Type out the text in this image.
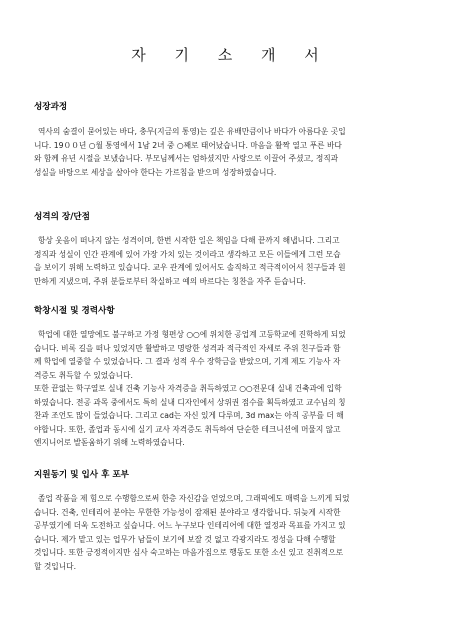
자 기 소 개 서
성장과정
역사의 숨결이 묻어있는 바다, 충무(지금의 통영)는 깊은 유배만큼이나 바다가 아름다운 곳입
니다. 19００년 ○월 통영에서 1남 2녀 중 ○째로 태어났습니다. 마음을 활짝 열고 푸른 바다
와 함께 유년 시절을 보냈습니다. 부모님께서는 엄하셨지만 사랑으로 이끌어 주셨고, 정직과
성실을 바탕으로 세상을 살아야 한다는 가르침을 받으며 성장하였습니다.
성격의 장/단점
항상 웃음이 떠나지 않는 성격이며, 한번 시작한 일은 책임을 다해 끝까지 해냅니다. 그리고
정직과 성실이 인간 관계에 있어 가장 가치 있는 것이라고 생각하고 모든 이들에게 그런 모습
을 보이기 위해 노력하고 있습니다. 교우 관계에 있어서도 솔직하고 적극적이어서 친구들과 원
만하게 지냈으며, 주위 분들로부터 착실하고 예의 바르다는 칭찬을 자주 듣습니다.
학창시절 및 경력사항
학업에 대한 열망에도 불구하고 가정 형편상 ○○에 위치한 공업계 고등학교에 진학하게 되었
습니다. 비록 길을 떠나 있었지만 활발하고 명랑한 성격과 적극적인 자세로 주위 친구들과 함
께 학업에 열중할 수 있었습니다. 그 결과 성적 우수 장학금을 받았으며, 기계 제도 기능사 자
격증도 취득할 수 있었습니다.
또한 끝없는 학구열로 실내 건축 기능사 자격증을 취득하였고 ○○전문대 실내 건축과에 입학
하였습니다. 전공 과목 중에서도 특히 실내 디자인에서 상위권 점수를 획득하였고 교수님의 칭
찬과 조언도 많이 들었습니다. 그리고 cad는 자신 있게 다루며, 3d max는 아직 공부를 더 해
야합니다. 또한, 졸업과 동시에 실기 교사 자격증도 취득하여 단순한 테크니션에 머물지 않고
엔지니어로 발돋움하기 위해 노력하였습니다.
지원동기 및 입사 후 포부
졸업 작품을 제 힘으로 수행함으로써 한층 자신감을 얻었으며, 그래픽에도 매력을 느끼게 되었
습니다. 건축, 인테리어 분야는 무한한 가능성이 잠재된 분야라고 생각합니다. 뒤늦게 시작한
공부였기에 더욱 도전하고 싶습니다. 어느 누구보다 인테리어에 대한 열정과 목표를 가지고 있
습니다. 제가 맡고 있는 업무가 남들이 보기에 보잘 것 없고 각광지라도 정성을 다해 수행할
것입니다. 또한 긍정적이지만 심사 숙고하는 마음가짐으로 행동도 또한 소신 있고 진취적으로
할 것입니다.
